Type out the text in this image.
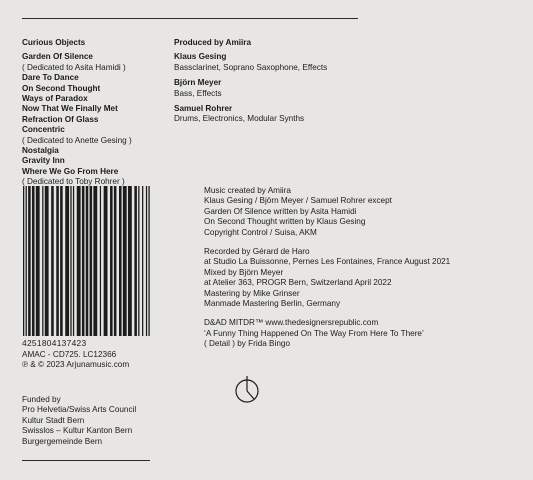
Curious Objects
Garden Of Silence
( Dedicated to Asita Hamidi )
Dare To Dance
On Second Thought
Ways of Paradox
Now That We Finally Met
Refraction Of Glass
Concentric
( Dedicated to Anette Gesing )
Nostalgia
Gravity Inn
Where We Go From Here
( Dedicated to Toby Rohrer )
Produced by Amiira
Klaus Gesing
Bassclarinet, Soprano Saxophone, Effects
Björn Meyer
Bass, Effects
Samuel Rohrer
Drums, Electronics, Modular Synths
4251804137423
AMAC - CD725. LC12366
℗ & © 2023 Arjunamusic.com
Funded by
Pro Helvetia/Swiss Arts Council
Kultur Stadt Bern
Swisslos – Kultur Kanton Bern
Burgergemeinde Bern
Music created by Amiira
Klaus Gesing / Björn Meyer / Samuel Rohrer except
Garden Of Silence written by Asita Hamidi
On Second Thought written by Klaus Gesing
Copyright Control / Suisa, AKM
Recorded by Gérard de Haro
at Studio La Buissonne, Pernes Les Fontaines, France August 2021
Mixed by Björn Meyer
at Atelier 363, PROGR Bern, Switzerland April 2022
Mastering by Mike Grinser
Manmade Mastering Berlin, Germany
D&AD MITDR™ www.thedesignersrepublic.com
‘A Funny Thing Happened On The Way From Here To There’
( Detail ) by Frida Bingo
